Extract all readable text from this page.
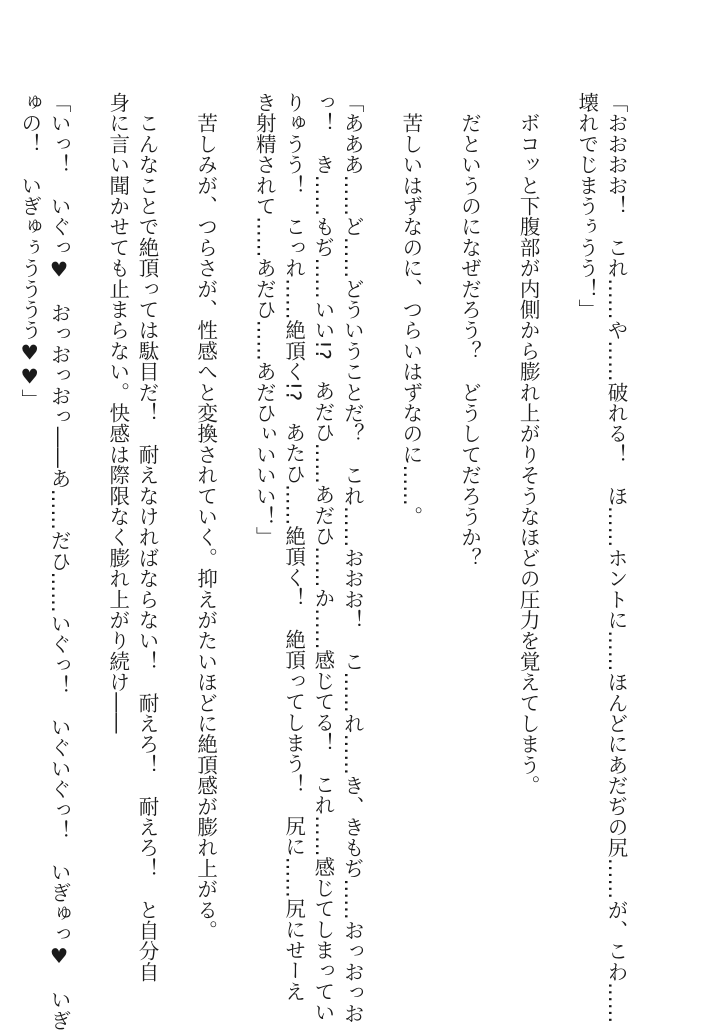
「おおおお！　これ……や……破れる！　ほ……ホントに……ほんどにあだぢの尻……が、こわ……
壊れでじまうぅうう！」
　ボコッと下腹部が内側から膨れ上がりそうなほどの圧力を覚えてしまう。
　だというのになぜだろう？　どうしてだろうか？
　苦しいはずなのに、つらいはずなのに……。
「あああ……ど……どういうことだ？　これ……おおお！　こ……れ……き、きもぢ……おっおっお
っ！　き……もぢ……いい!?　あだひ……あだひ……か……感じてる！　これ……感じてしまってい
りゅうう！　こっれ……絶頂く!?　あたひ……絶頂く！　絶頂ってしまう！　尻に……尻にせーえ
き射精されて……あだひ……あだひぃいいい！」
　苦しみが、つらさが、性感へと変換されていく。抑えがたいほどに絶頂感が膨れ上がる。
　こんなことで絶頂っては駄目だ！　耐えなければならない！　耐えろ！　耐えろ！　と自分自
身に言い聞かせても止まらない。快感は際限なく膨れ上がり続け――
「いっ！　いぐっ♥　おっおっおっ――あ……だひ……いぐっ！　いぐいぐっ！　いぎゅっ♥　いぎ
ゅの！　いぎゅぅうううう♥♥」
